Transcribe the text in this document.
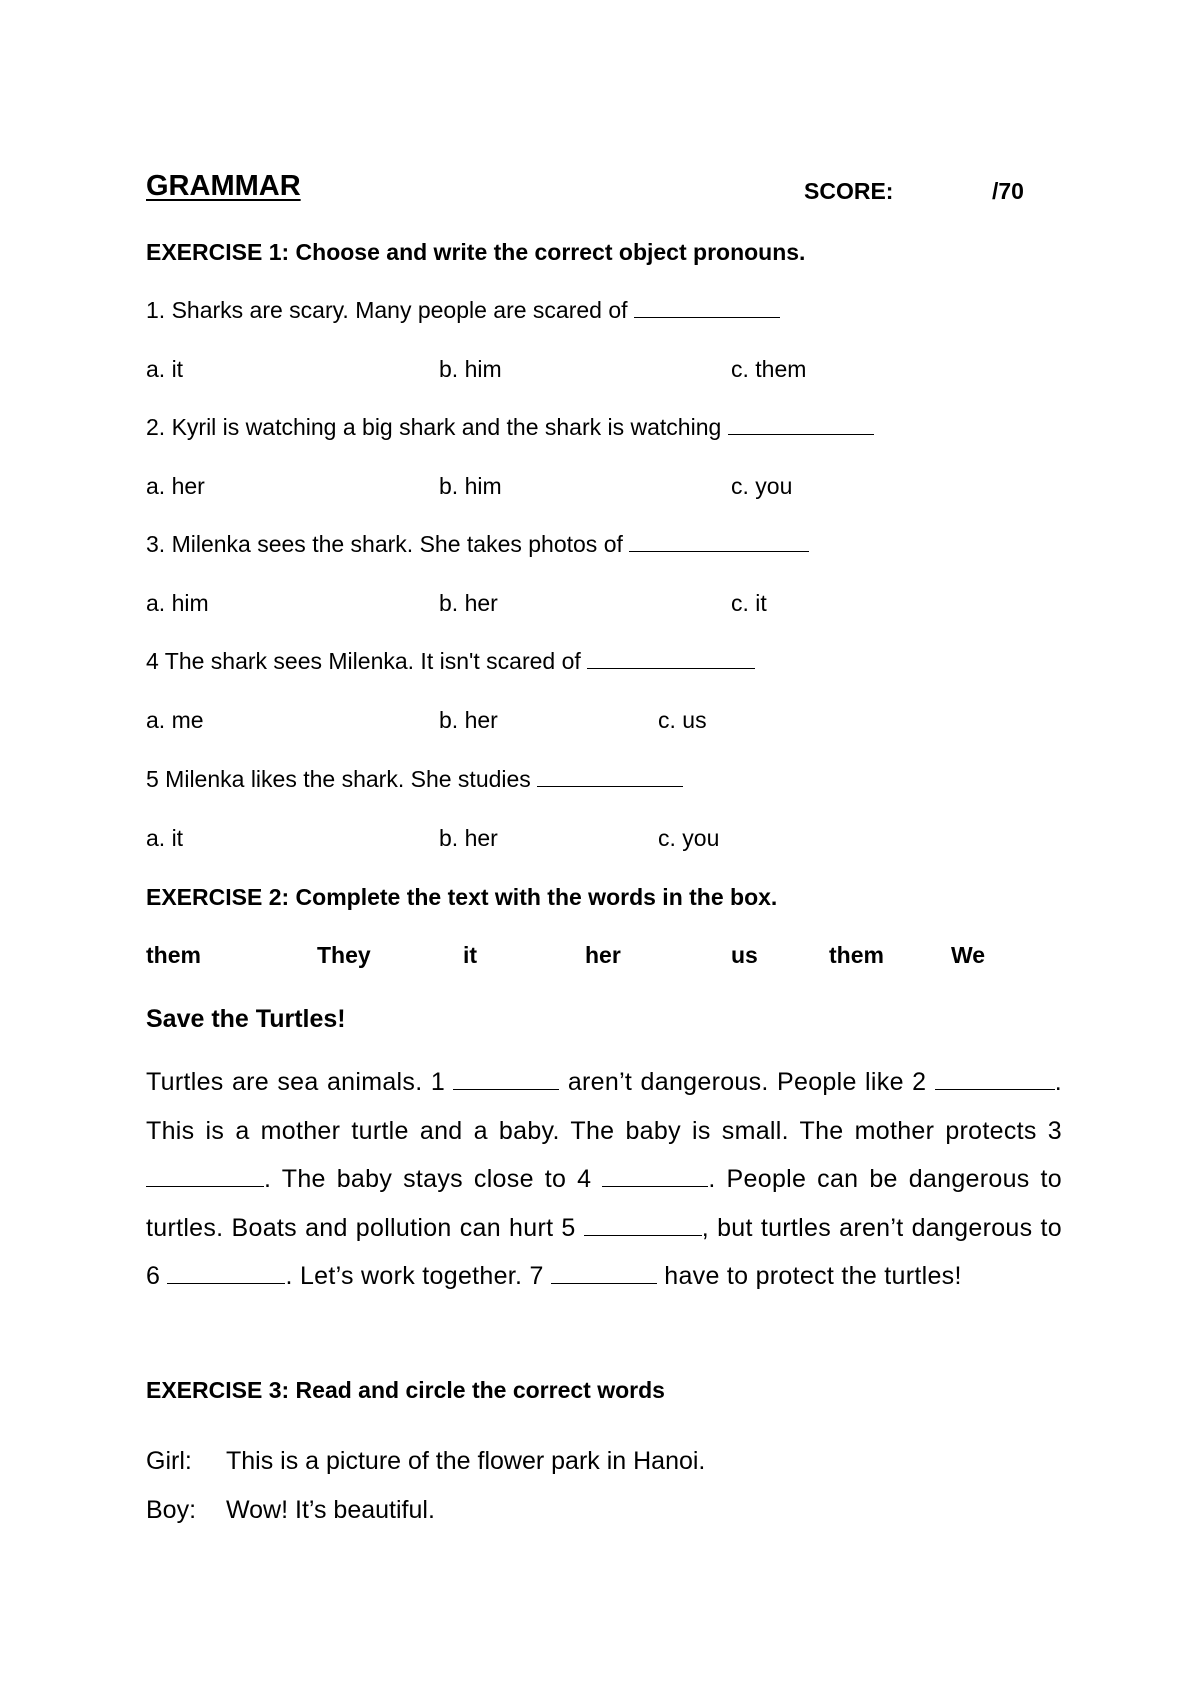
GRAMMAR	SCORE:	/70
EXERCISE 1: Choose and write the correct object pronouns.
1. Sharks are scary. Many people are scared of
a. it	b. him	c. them
2. Kyril is watching a big shark and the shark is watching
a. her	b. him	c. you
3. Milenka sees the shark. She takes photos of
a. him	b. her	c. it
4 The shark sees Milenka. It isn't scared of
a. me	b. her	c. us
5 Milenka likes the shark. She studies
a. it	b. her	c. you
EXERCISE 2: Complete the text with the words in the box.
them	They	it	her	us	them	We
Save the Turtles!
Turtles are sea animals. 1	aren’t dangerous. People like 2	. This is a mother turtle and a baby. The baby is small. The mother protects 3 . The baby stays close to 4	. People can be dangerous to turtles. Boats and pollution can hurt 5	, but turtles aren’t dangerous to 6	. Let’s work together. 7	have to protect the turtles!
EXERCISE 3: Read and circle the correct words
Girl: This is a picture of the flower park in Hanoi.
Boy: Wow! It’s beautiful.
